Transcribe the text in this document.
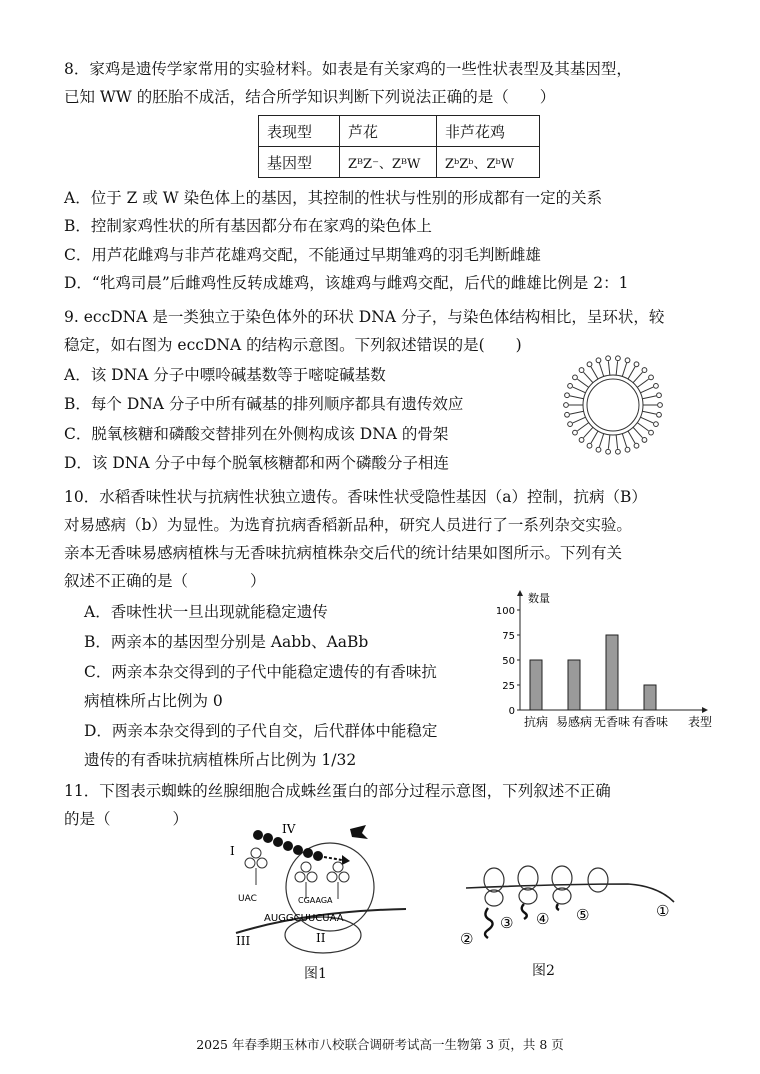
8．家鸡是遗传学家常用的实验材料。如表是有关家鸡的一些性状表型及其基因型，
已知 WW 的胚胎不成活，结合所学知识判断下列说法正确的是（　　）
表现型	芦花	非芦花鸡
基因型	ZᴮZ⁻、ZᴮW	ZᵇZᵇ、ZᵇW
A．位于 Z 或 W 染色体上的基因，其控制的性状与性别的形成都有一定的关系
B．控制家鸡性状的所有基因都分布在家鸡的染色体上
C．用芦花雌鸡与非芦花雄鸡交配，不能通过早期雏鸡的羽毛判断雌雄
D．“牝鸡司晨”后雌鸡性反转成雄鸡，该雄鸡与雌鸡交配，后代的雌雄比例是 2：1
9. eccDNA 是一类独立于染色体外的环状 DNA 分子，与染色体结构相比，呈环状，较
稳定，如右图为 eccDNA 的结构示意图。下列叙述错误的是(　　)
A．该 DNA 分子中嘌呤碱基数等于嘧啶碱基数
B．每个 DNA 分子中所有碱基的排列顺序都具有遗传效应
C．脱氧核糖和磷酸交替排列在外侧构成该 DNA 的骨架
D．该 DNA 分子中每个脱氧核糖都和两个磷酸分子相连
10．水稻香味性状与抗病性状独立遗传。香味性状受隐性基因（a）控制，抗病（B）
对易感病（b）为显性。为选育抗病香稻新品种，研究人员进行了一系列杂交实验。
亲本无香味易感病植株与无香味抗病植株杂交后代的统计结果如图所示。下列有关
叙述不正确的是（　　　　）
A．香味性状一旦出现就能稳定遗传
B．两亲本的基因型分别是 Aabb、AaBb
C．两亲本杂交得到的子代中能稳定遗传的有香味抗
病植株所占比例为 0
D．两亲本杂交得到的子代自交，后代群体中能稳定
遗传的有香味抗病植株所占比例为 1/32
数量
0
25
50
75
100
抗病 易感病 无香味 有香味 表型
11．下图表示蜘蛛的丝腺细胞合成蛛丝蛋白的部分过程示意图，下列叙述不正确
的是（　　　　）
I
IV
UAC	CGAAGA
AUGGCUUCUAA
III	II
图1
①
②
③ ④ ⑤
图2
2025 年春季期玉林市八校联合调研考试高一生物第 3 页，共 8 页
